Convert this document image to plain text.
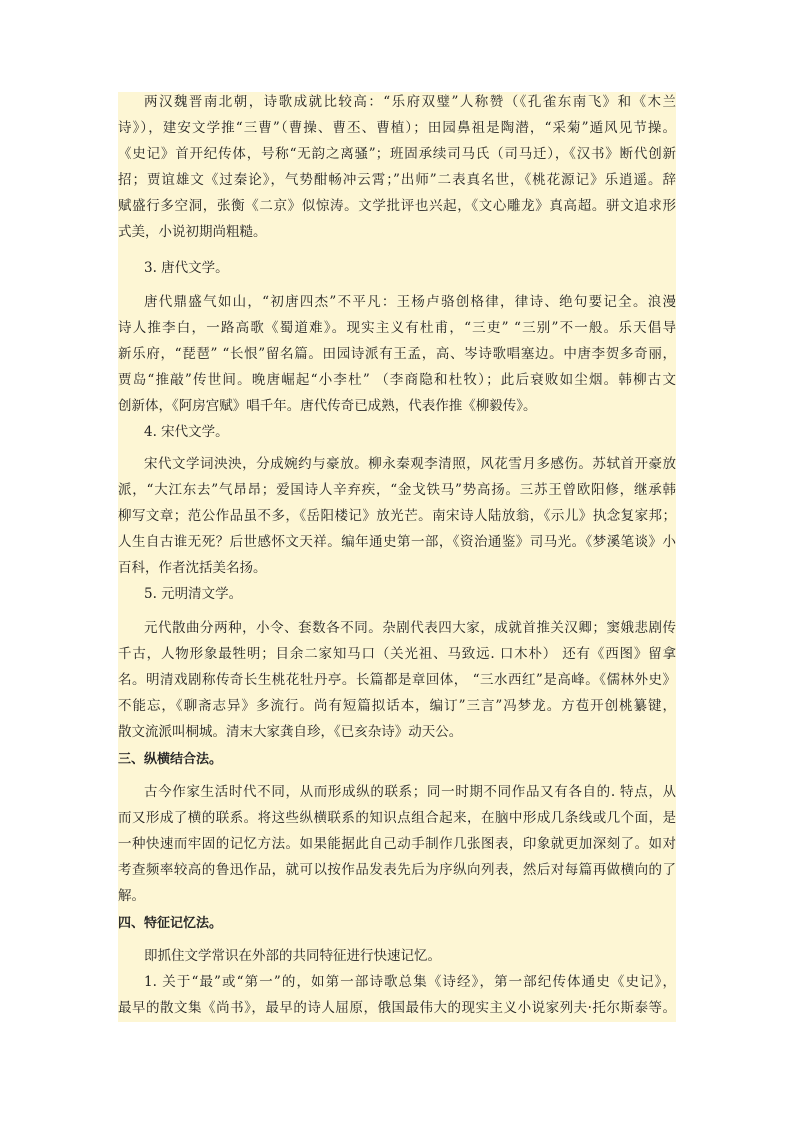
两汉魏晋南北朝，诗歌成就比较高：“乐府双璧”人称赞（《孔雀东南飞》和《木兰
诗》），建安文学推“三曹”（曹操、曹丕、曹植）；田园鼻祖是陶潜，“采菊”遁风见节操。
《史记》首开纪传体，号称“无韵之离骚”；班固承续司马氏（司马迁），《汉书》断代创新
招；贾谊雄文《过秦论》，气势酣畅冲云霄；”出师”二表真名世，《桃花源记》乐逍遥。辞
赋盛行多空洞，张衡《二京》似惊涛。文学批评也兴起，《文心雕龙》真高超。骈文追求形
式美，小说初期尚粗糙。
3. 唐代文学。
唐代鼎盛气如山，“初唐四杰”不平凡：王杨卢骆创格律，律诗、绝句要记全。浪漫
诗人推李白，一路高歌《蜀道难》。现实主义有杜甫，“三吏” “三别”不一般。乐天倡导
新乐府，“琵琶” “长恨”留名篇。田园诗派有王孟，高、岑诗歌唱塞边。中唐李贺多奇丽，
贾岛“推敲”传世间。晚唐崛起“小李杜” （李商隐和杜牧）；此后衰败如尘烟。韩柳古文
创新体，《阿房宫赋》唱千年。唐代传奇已成熟，代表作推《柳毅传》。
4. 宋代文学。
宋代文学词泱泱，分成婉约与豪放。柳永秦观李清照，风花雪月多感伤。苏轼首开豪放
派，“大江东去”气昂昂；爱国诗人辛弃疾，“金戈铁马”势高扬。三苏王曾欧阳修，继承韩
柳写文章；范公作品虽不多，《岳阳楼记》放光芒。南宋诗人陆放翁，《示儿》执念复家邦；
人生自古谁无死？后世感怀文天祥。编年通史第一部，《资治通鉴》司马光。《梦溪笔谈》小
百科，作者沈括美名扬。
5. 元明清文学。
元代散曲分两种，小令、套数各不同。杂剧代表四大家，成就首推关汉卿；窦娥悲剧传
千古，人物形象最牲明；目余二家知马口（关光祖、马致远. 口木朴） 还有《西图》留拿
名。明清戏剧称传奇长生桃花牡丹亭。长篇都是章回体， “三水西红”是高峰。《儒林外史》
不能忘，《聊斋志异》多流行。尚有短篇拟话本，编订”三言”冯梦龙。方苞开创桃纂键，
散文流派叫桐城。清末大家龚自珍，《已亥杂诗》动天公。
三、纵横结合法。
古今作家生活时代不同，从而形成纵的联系；同一时期不同作品又有各自的. 特点，从
而又形成了横的联系。将这些纵横联系的知识点组合起来，在脑中形成几条线或几个面，是
一种快速而牢固的记忆方法。如果能据此自己动手制作几张图表，印象就更加深刻了。如对
考查频率较高的鲁迅作品，就可以按作品发表先后为序纵向列表，然后对每篇再做横向的了
解。
四、特征记忆法。
即抓住文学常识在外部的共同特征进行快速记忆。
1. 关于“最”或“第一”的，如第一部诗歌总集《诗经》，第一部纪传体通史《史记》，
最早的散文集《尚书》，最早的诗人屈原，俄国最伟大的现实主义小说家列夫·托尔斯泰等。
